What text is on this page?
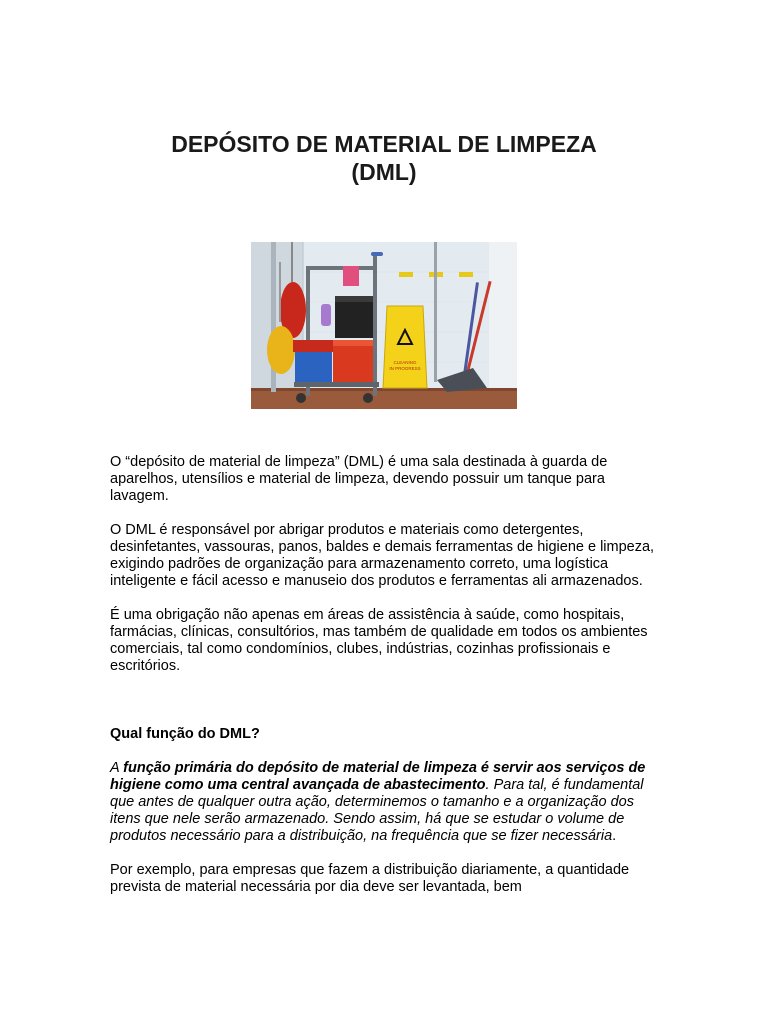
DEPÓSITO DE MATERIAL DE LIMPEZA
(DML)
CLEANING
IN PROGRESS

O “depósito de material de limpeza” (DML) é uma sala destinada à guarda de aparelhos, utensílios e material de limpeza, devendo possuir um tanque para lavagem.

O DML é responsável por abrigar produtos e materiais como detergentes, desinfetantes, vassouras, panos, baldes e demais ferramentas de higiene e limpeza, exigindo padrões de organização para armazenamento correto, uma logística inteligente e fácil acesso e manuseio dos produtos e ferramentas ali armazenados.

É uma obrigação não apenas em áreas de assistência à saúde, como hospitais, farmácias, clínicas, consultórios, mas também de qualidade em todos os ambientes comerciais, tal como condomínios, clubes, indústrias, cozinhas profissionais e escritórios.

Qual função do DML?

A função primária do depósito de material de limpeza é servir aos serviços de higiene como uma central avançada de abastecimento. Para tal, é fundamental que antes de qualquer outra ação, determinemos o tamanho e a organização dos itens que nele serão armazenado. Sendo assim, há que se estudar o volume de produtos necessário para a distribuição, na frequência que se fizer necessária.

Por exemplo, para empresas que fazem a distribuição diariamente, a quantidade prevista de material necessária por dia deve ser levantada, bem
